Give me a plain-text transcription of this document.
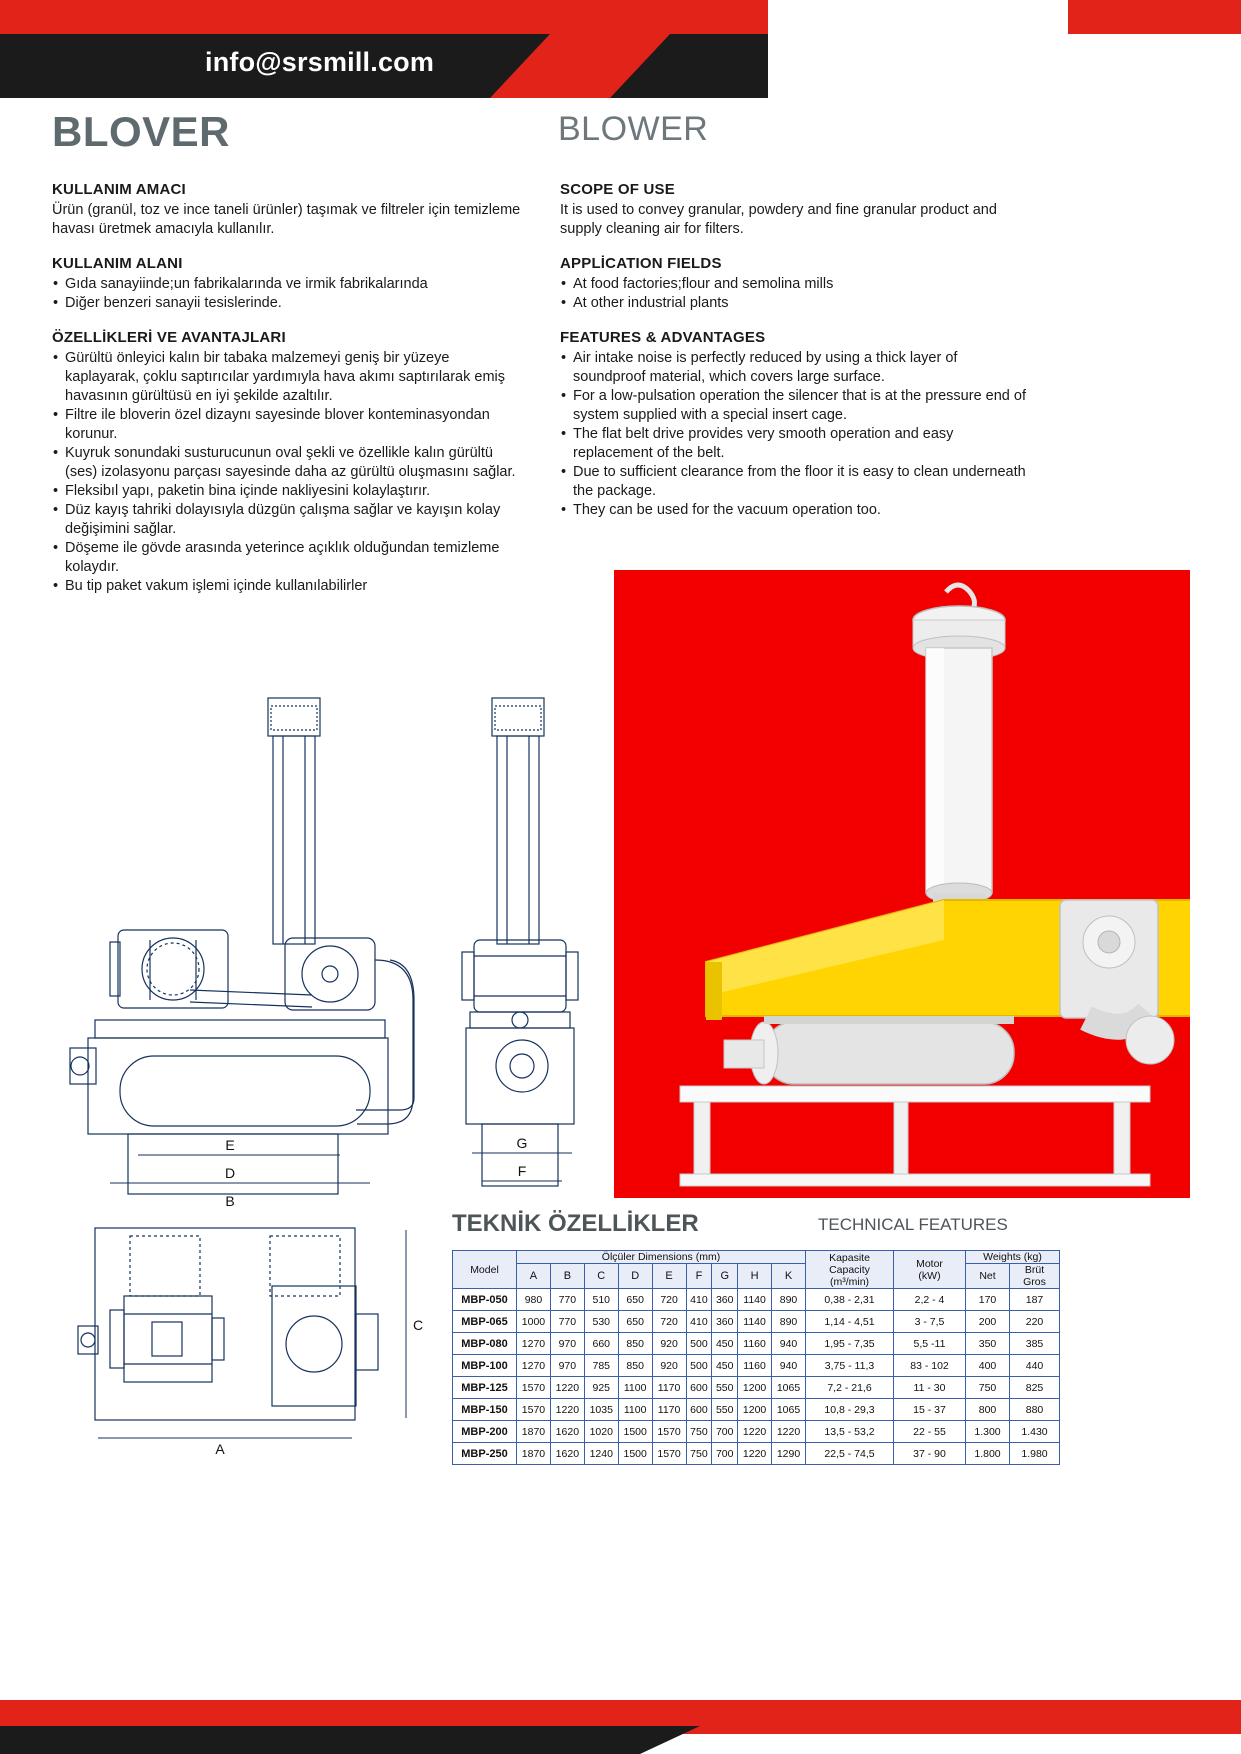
info@srsmill.com
BLOVER	BLOWER
KULLANIM AMACI

Ürün (granül, toz ve ince taneli ürünler) taşımak ve filtreler için temizleme havası üretmek amacıyla kullanılır.

KULLANIM ALANI
• Gıda sanayiinde;un fabrikalarında ve irmik fabrikalarında
• Diğer benzeri sanayii tesislerinde.
ÖZELLİKLERİ VE AVANTAJLARI
• Gürültü önleyici kalın bir tabaka malzemeyi geniş bir yüzeye kaplayarak, çoklu saptırıcılar yardımıyla hava akımı saptırılarak emiş havasının gürültüsü en iyi şekilde azaltılır.
• Filtre ile bloverin özel dizaynı sayesinde blover konteminasyondan korunur.
• Kuyruk sonundaki susturucunun oval şekli ve özellikle kalın gürültü (ses) izolasyonu parçası sayesinde daha az gürültü oluşmasını sağlar.
• Fleksibıl yapı, paketin bina içinde nakliyesini kolaylaştırır.
• Düz kayış tahriki dolayısıyla düzgün çalışma sağlar ve kayışın kolay değişimini sağlar.
• Döşeme ile gövde arasında yeterince açıklık olduğundan temizleme kolaydır.
• Bu tip paket vakum işlemi içinde kullanılabilirler
SCOPE OF USE

It is used to convey granular, powdery and fine granular product and supply cleaning air for filters.

APPLİCATION FIELDS
• At food factories;flour and semolina mills
• At other industrial plants
FEATURES & ADVANTAGES
• Air intake noise is perfectly reduced by using a thick layer of soundproof material, which covers large surface.
• For a low-pulsation operation the silencer that is at the pressure end of system supplied with a special insert cage.
• The flat belt drive provides very smooth operation and easy replacement of the belt.
• Due to sufficient clearance from the floor it is easy to clean underneath the package.
• They can be used for the vacuum operation too.
E
D
B
G
F
A
C
TEKNİK ÖZELLİKLER	TECHNICAL FEATURES
Model	Ölçüler Dimensions (mm)	Kapasite
Capacity
(m³/min)

Motor
(kW)
	Weights (kg)
	A	B	C	D	E	F	G	H	K			Net	Brüt
Gros

MBP-050	980	770	510	650	720	410	360	1140	890	0,38 - 2,31	2,2 - 4	170	187
MBP-065	1000	770	530	650	720	410	360	1140	890	1,14 - 4,51	3 - 7,5	200	220
MBP-080	1270	970	660	850	920	500	450	1160	940	1,95 - 7,35	5,5 -11	350	385
MBP-100	1270	970	785	850	920	500	450	1160	940	3,75 - 11,3	83 - 102	400	440
MBP-125	1570	1220	925	1100	1170	600	550	1200	1065	7,2 - 21,6	11 - 30	750	825
MBP-150	1570	1220	1035	1100	1170	600	550	1200	1065	10,8 - 29,3	15 - 37	800	880
MBP-200	1870	1620	1020	1500	1570	750	700	1220	1220	13,5 - 53,2	22 - 55	1.300	1.430
MBP-250	1870	1620	1240	1500	1570	750	700	1220	1290	22,5 - 74,5	37 - 90	1.800	1.980
